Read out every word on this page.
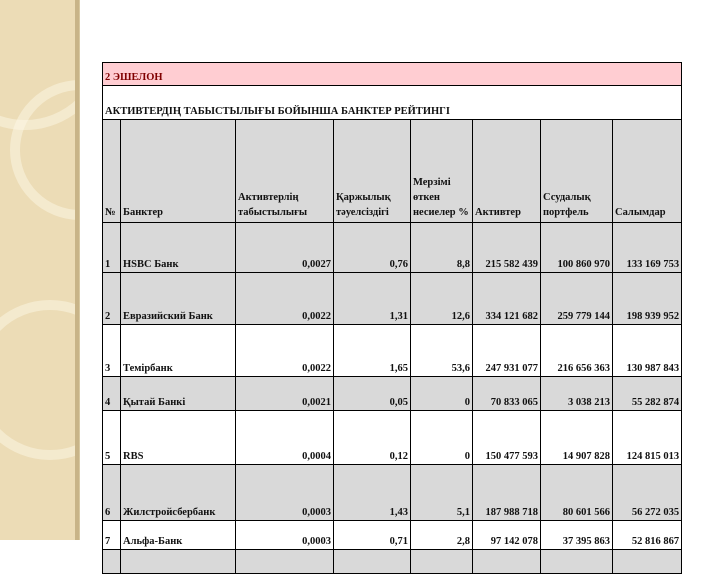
2 ЭШЕЛОН							
АКТИВТЕРДІҢ ТАБЫСТЫЛЫҒЫ БОЙЫНША БАНКТЕР РЕЙТИНГІ							
№	Банктер	Активтерлің табыстылығы	Қаржылық тәуелсіздігі	Мерзімі өткен несиелер %	Активтер	Ссудалық портфель	Салымдар
1	HSBC Банк	0,0027	0,76	8,8	215 582 439	100 860 970	133 169 753
2	Евразийский Банк	0,0022	1,31	12,6	334 121 682	259 779 144	198 939 952
3	Темірбанк	0,0022	1,65	53,6	247 931 077	216 656 363	130 987 843
4	Қытай Банкі	0,0021	0,05	0	70 833 065	3 038 213	55 282 874
5	RBS	0,0004	0,12	0	150 477 593	14 907 828	124 815 013
6	Жилстройсбербанк	0,0003	1,43	5,1	187 988 718	80 601 566	56 272 035
7	Альфа-Банк	0,0003	0,71	2,8	97 142 078	37 395 863	52 816 867
